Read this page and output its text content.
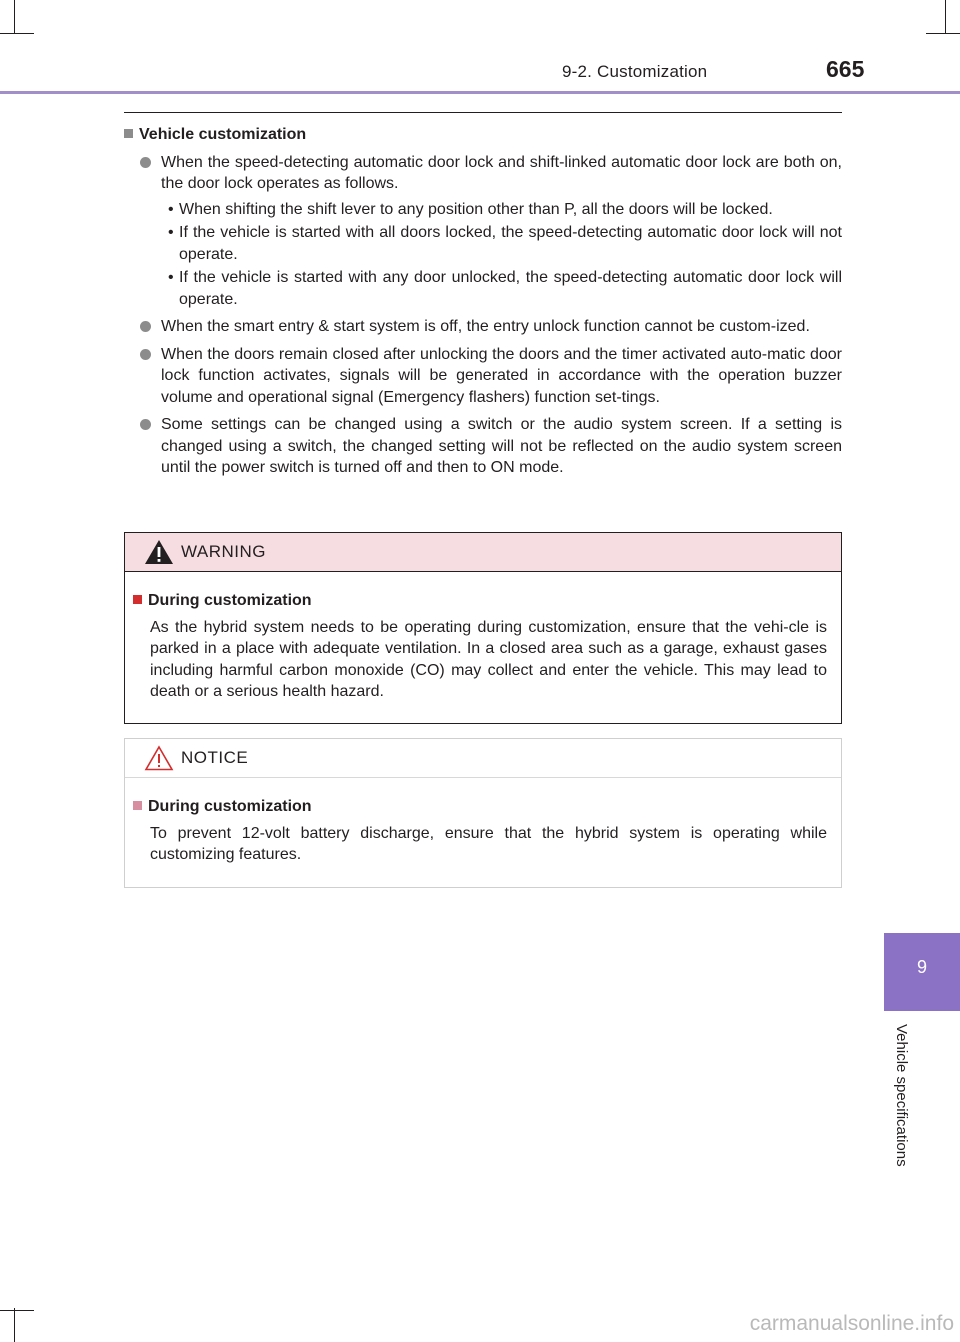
9-2. Customization	665
9
Vehicle specifications

Vehicle customization

When the speed-detecting automatic door lock and shift-linked automatic door lock are both on, the door lock operates as follows.
• When shifting the shift lever to any position other than P, all the doors will be locked.
• If the vehicle is started with all doors locked, the speed-detecting automatic door lock will not operate.
• If the vehicle is started with any door unlocked, the speed-detecting automatic door lock will operate.
When the smart entry & start system is off, the entry unlock function cannot be custom-ized.
When the doors remain closed after unlocking the doors and the timer activated auto-matic door lock function activates, signals will be generated in accordance with the operation buzzer volume and operational signal (Emergency flashers) function set-tings.
Some settings can be changed using a switch or the audio system screen. If a setting is changed using a switch, the changed setting will not be reflected on the audio system screen until the power switch is turned off and then to ON mode.
WARNING
During customization
As the hybrid system needs to be operating during customization, ensure that the vehi-cle is parked in a place with adequate ventilation. In a closed area such as a garage, exhaust gases including harmful carbon monoxide (CO) may collect and enter the vehicle. This may lead to death or a serious health hazard.
NOTICE
During customization
To prevent 12-volt battery discharge, ensure that the hybrid system is operating while customizing features.
carmanualsonline.info
